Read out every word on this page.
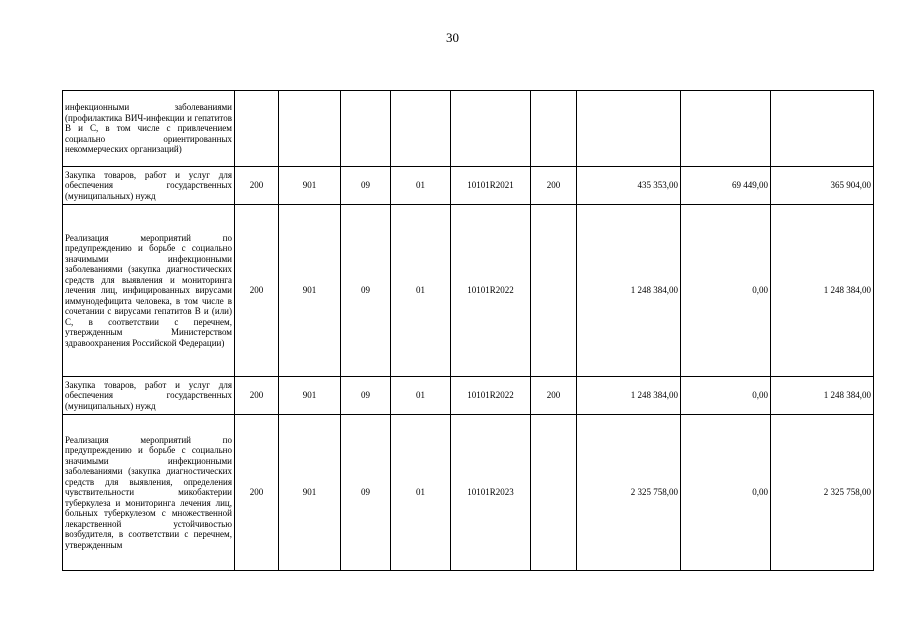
30
инфекционными заболеваниями (профилактика ВИЧ-инфекции и гепатитов В и С, в том числе с привлечением социально ориентированных некоммерческих организаций)									
Закупка товаров, работ и услуг для обеспечения государственных (муниципальных) нужд	200	901	09	01	10101R2021	200	435 353,00	69 449,00	365 904,00
Реализация мероприятий по предупреждению и борьбе с социально значимыми инфекционными заболеваниями (закупка диагностических средств для выявления и мониторинга лечения лиц, инфицированных вирусами иммунодефицита человека, в том числе в сочетании с вирусами гепатитов В и (или) С, в соответствии с перечнем, утвержденным Министерством здравоохранения Российской Федерации)	200	901	09	01	10101R2022		1 248 384,00	0,00	1 248 384,00
Закупка товаров, работ и услуг для обеспечения государственных (муниципальных) нужд	200	901	09	01	10101R2022	200	1 248 384,00	0,00	1 248 384,00
Реализация мероприятий по предупреждению и борьбе с социально значимыми инфекционными заболеваниями (закупка диагностических средств для выявления, определения чувствительности микобактерии туберкулеза и мониторинга лечения лиц, больных туберкулезом с множественной лекарственной устойчивостью возбудителя, в соответствии с перечнем, утвержденным	200	901	09	01	10101R2023		2 325 758,00	0,00	2 325 758,00
